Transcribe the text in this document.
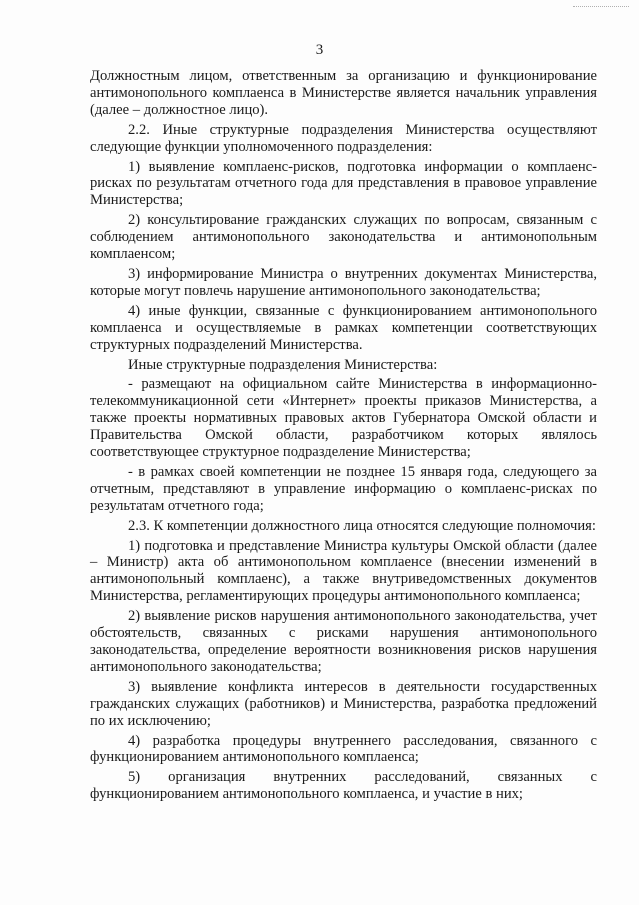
3

Должностным лицом, ответственным за организацию и функционирование антимонопольного комплаенса в Министерстве является начальник управления (далее – должностное лицо).

2.2. Иные структурные подразделения Министерства осуществляют следующие функции уполномоченного подразделения:

1) выявление комплаенс-рисков, подготовка информации о комплаенс-рисках по результатам отчетного года для представления в правовое управление Министерства;

2) консультирование гражданских служащих по вопросам, связанным с соблюдением антимонопольного законодательства и антимонопольным комплаенсом;

3) информирование Министра о внутренних документах Министерства, которые могут повлечь нарушение антимонопольного законодательства;

4) иные функции, связанные с функционированием антимонопольного комплаенса и осуществляемые в рамках компетенции соответствующих структурных подразделений Министерства.

Иные структурные подразделения Министерства:

- размещают на официальном сайте Министерства в информационно-телекоммуникационной сети «Интернет» проекты приказов Министерства, а также проекты нормативных правовых актов Губернатора Омской области и Правительства Омской области, разработчиком которых являлось соответствующее структурное подразделение Министерства;

- в рамках своей компетенции не позднее 15 января года, следующего за отчетным, представляют в управление информацию о комплаенс-рисках по результатам отчетного года;

2.3. К компетенции должностного лица относятся следующие полномочия:

1) подготовка и представление Министра культуры Омской области (далее – Министр) акта об антимонопольном комплаенсе (внесении изменений в антимонопольный комплаенс), а также внутриведомственных документов Министерства, регламентирующих процедуры антимонопольного комплаенса;

2) выявление рисков нарушения антимонопольного законодательства, учет обстоятельств, связанных с рисками нарушения антимонопольного законодательства, определение вероятности возникновения рисков нарушения антимонопольного законодательства;

3) выявление конфликта интересов в деятельности государственных гражданских служащих (работников) и Министерства, разработка предложений по их исключению;

4) разработка процедуры внутреннего расследования, связанного с функционированием антимонопольного комплаенса;

5) организация внутренних расследований, связанных с функционированием антимонопольного комплаенса, и участие в них;
